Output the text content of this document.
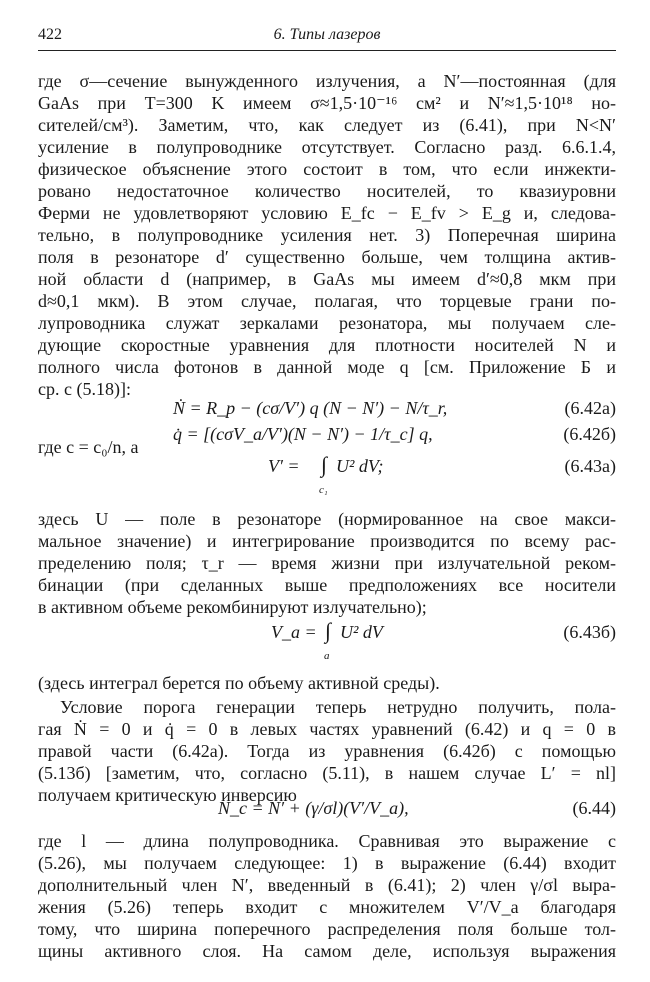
422	6. Типы лазеров
где σ—сечение вынужденного излучения, а N′—постоянная (для
GaAs при T=300 K имеем σ≈1,5·10⁻¹⁶ см² и N′≈1,5·10¹⁸ но-
сителей/см³). Заметим, что, как следует из (6.41), при N<N′
усиление в полупроводнике отсутствует. Согласно разд. 6.6.1.4,
физическое объяснение этого состоит в том, что если инжекти-
ровано недостаточное количество носителей, то квазиуровни
Ферми не удовлетворяют условию E_fc − E_fv > E_g и, следова-
тельно, в полупроводнике усиления нет. 3) Поперечная ширина
поля в резонаторе d′ существенно больше, чем толщина актив-
ной области d (например, в GaAs мы имеем d′≈0,8 мкм при
d≈0,1 мкм). В этом случае, полагая, что торцевые грани по-
лупроводника служат зеркалами резонатора, мы получаем сле-
дующие скоростные уравнения для плотности носителей N и
полного числа фотонов в данной моде q [см. Приложение Б и
ср. с (5.18)]:
Ṅ = R_p − (cσ/V′) q (N − N′) − N/τ_r,	(6.42а)
q̇ = [(cσV_a/V′)(N − N′) − 1/τ_c] q,	(6.42б)
где c = c₀/n, а
V′ = ∫ U² dV;
c₁
(6.43а)
здесь U — поле в резонаторе (нормированное на свое макси-
мальное значение) и интегрирование производится по всему рас-
пределению поля; τ_r — время жизни при излучательной реком-
бинации (при сделанных выше предположениях все носители
в активном объеме рекомбинируют излучательно);
V_a = ∫ U² dV
a
(6.43б)
(здесь интеграл берется по объему активной среды).
Условие порога генерации теперь нетрудно получить, пола-
гая Ṅ = 0 и q̇ = 0 в левых частях уравнений (6.42) и q = 0 в
правой части (6.42а). Тогда из уравнения (6.42б) с помощью
(5.13б) [заметим, что, согласно (5.11), в нашем случае L′ = nl]
получаем критическую инверсию
N_c = N′ + (γ/σl)(V′/V_a),	(6.44)
где l — длина полупроводника. Сравнивая это выражение с
(5.26), мы получаем следующее: 1) в выражение (6.44) входит
дополнительный член N′, введенный в (6.41); 2) член γ/σl выра-
жения (5.26) теперь входит с множителем V′/V_a благодаря
тому, что ширина поперечного распределения поля больше тол-
щины активного слоя. На самом деле, используя выражения
